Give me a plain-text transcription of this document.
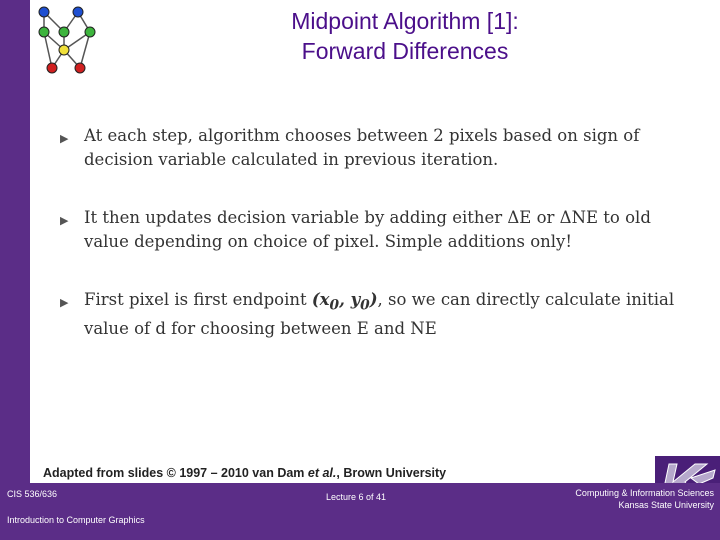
Midpoint Algorithm [1]:
Forward Differences
▶ At each step, algorithm chooses between 2 pixels based on sign of decision variable calculated in previous iteration.
▶ It then updates decision variable by adding either ΔE or ΔNE to old value depending on choice of pixel. Simple additions only!
▶ First pixel is first endpoint ($x_0$, $y_0$), so we can directly calculate initial value of d for choosing between E and NE
Adapted from slides © 1997 – 2010 van Dam et al., Brown University
CIS 536/636
Introduction to Computer Graphics
Lecture 6 of 41	Computing & Information Sciences
Kansas State University
